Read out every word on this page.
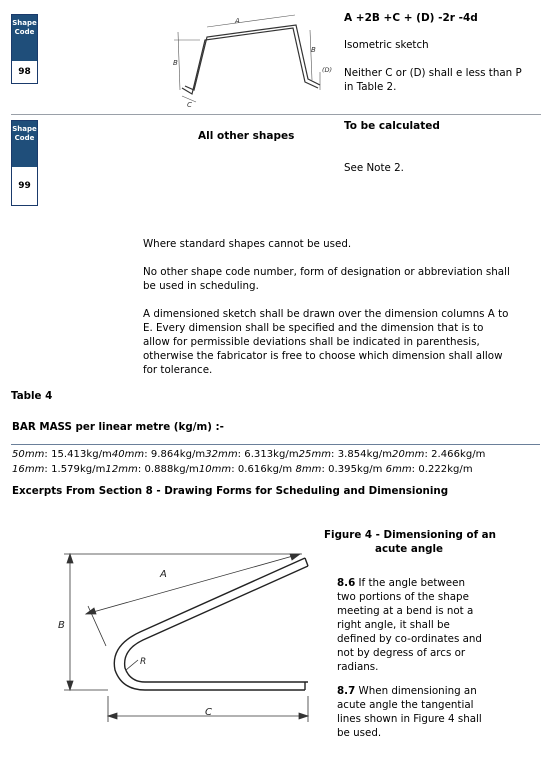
Shape
Code
98
A
B
B
C
(D)
A +2B +C + (D) -2r -4d
Isometric sketch
Neither C or (D) shall e less than P
in Table 2.
Shape
Code
99
All other shapes
To be calculated
See Note 2.
Where standard shapes cannot be used.
No other shape code number, form of designation or abbreviation shall
be used in scheduling.
A dimensioned sketch shall be drawn over the dimension columns A to
E. Every dimension shall be specified and the dimension that is to
allow for permissible deviations shall be indicated in parenthesis,
otherwise the fabricator is free to choose which dimension shall allow
for tolerance.
Table 4
BAR MASS per linear metre (kg/m) :-
50mm: 15.413kg/m40mm: 9.864kg/m32mm: 6.313kg/m25mm: 3.854kg/m20mm: 2.466kg/m
16mm: 1.579kg/m12mm: 0.888kg/m10mm: 0.616kg/m 8mm: 0.395kg/m 6mm: 0.222kg/m
Excerpts From Section 8 - Drawing Forms for Scheduling and Dimensioning
A
B
C
R
Figure 4 - Dimensioning of an
acute angle
8.6 If the angle between
two portions of the shape
meeting at a bend is not a
right angle, it shall be
defined by co-ordinates and
not by degress of arcs or
radians.
8.7 When dimensioning an
acute angle the tangential
lines shown in Figure 4 shall
be used.
